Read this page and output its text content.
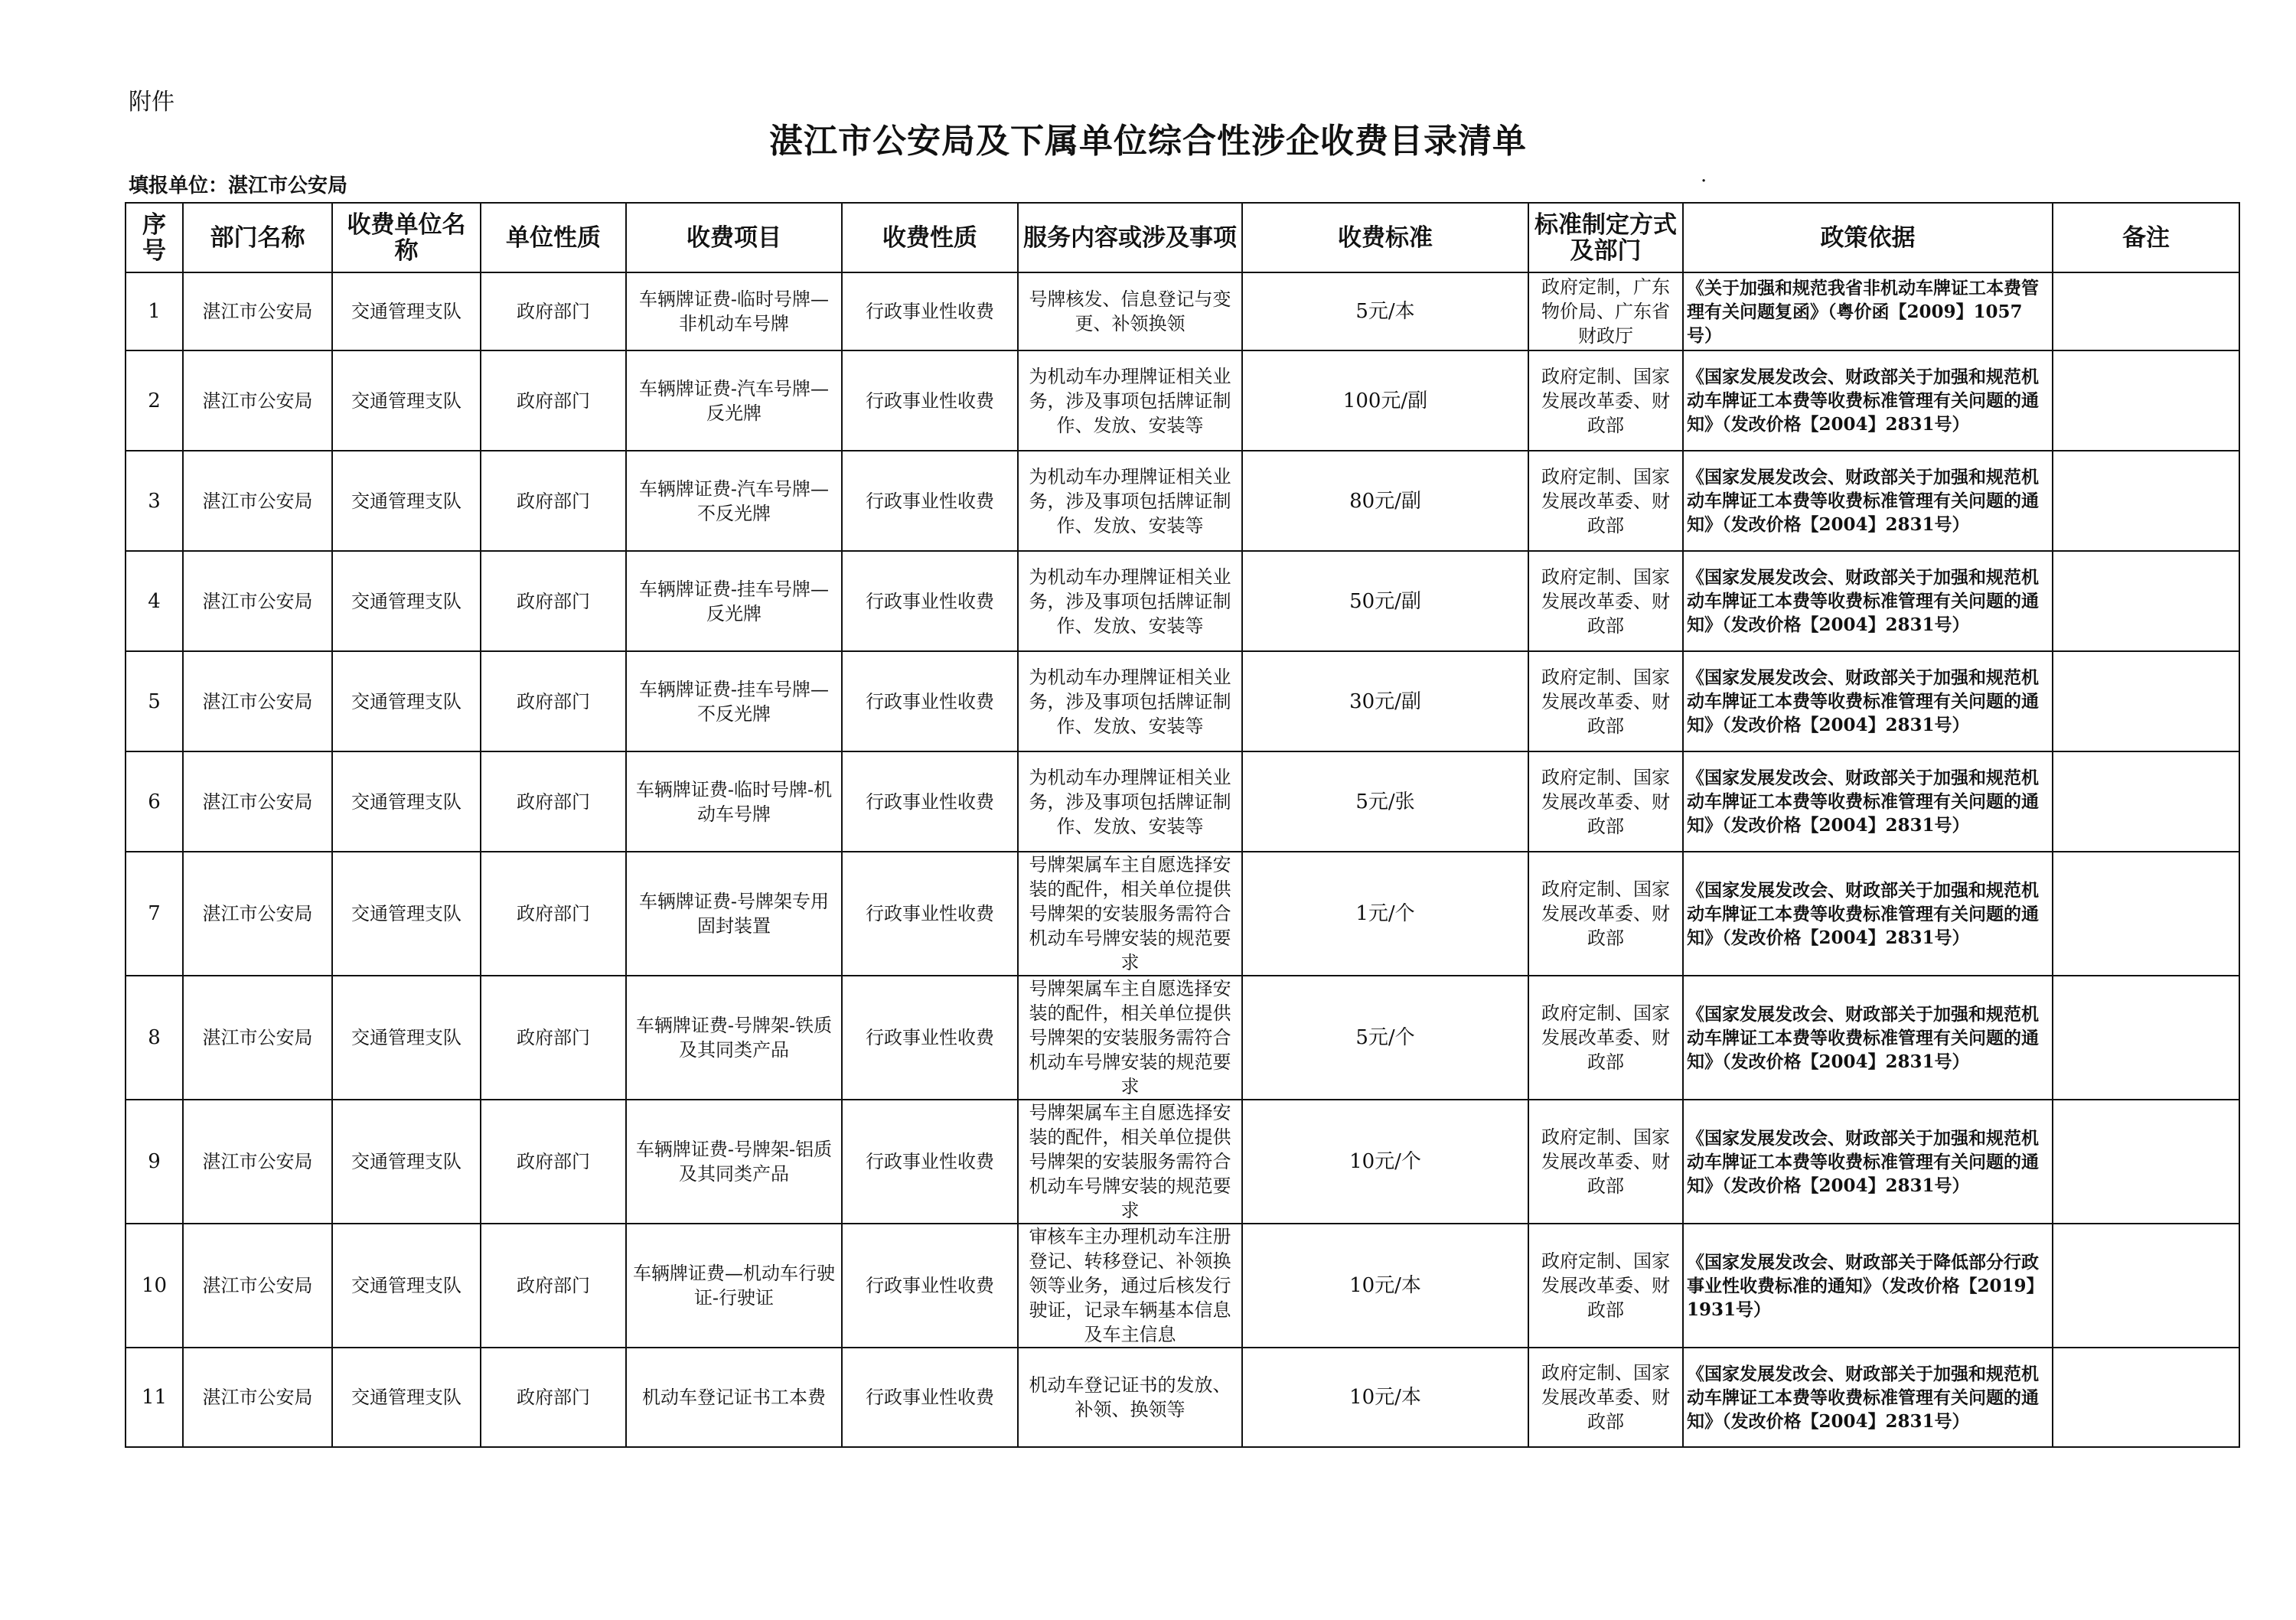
附件
湛江市公安局及下属单位综合性涉企收费目录清单
填报单位：湛江市公安局	·
序号	部门名称	收费单位名称	单位性质	收费项目	收费性质	服务内容或涉及事项	收费标准	标准制定方式及部门	政策依据	备注
1	湛江市公安局	交通管理支队	政府部门	车辆牌证费-临时号牌—非机动车号牌	行政事业性收费	号牌核发、信息登记与变更、补领换领	5元/本	政府定制，广东物价局、广东省财政厅	《关于加强和规范我省非机动车牌证工本费管理有关问题复函》（粤价函【2009】1057号）	
2	湛江市公安局	交通管理支队	政府部门	车辆牌证费-汽车号牌—反光牌	行政事业性收费	为机动车办理牌证相关业务，涉及事项包括牌证制作、发放、安装等	100元/副	政府定制、国家发展改革委、财政部	《国家发展发改会、财政部关于加强和规范机动车牌证工本费等收费标准管理有关问题的通知》（发改价格【2004】2831号）	
3	湛江市公安局	交通管理支队	政府部门	车辆牌证费-汽车号牌—不反光牌	行政事业性收费	为机动车办理牌证相关业务，涉及事项包括牌证制作、发放、安装等	80元/副	政府定制、国家发展改革委、财政部	《国家发展发改会、财政部关于加强和规范机动车牌证工本费等收费标准管理有关问题的通知》（发改价格【2004】2831号）	
4	湛江市公安局	交通管理支队	政府部门	车辆牌证费-挂车号牌—反光牌	行政事业性收费	为机动车办理牌证相关业务，涉及事项包括牌证制作、发放、安装等	50元/副	政府定制、国家发展改革委、财政部	《国家发展发改会、财政部关于加强和规范机动车牌证工本费等收费标准管理有关问题的通知》（发改价格【2004】2831号）	
5	湛江市公安局	交通管理支队	政府部门	车辆牌证费-挂车号牌—不反光牌	行政事业性收费	为机动车办理牌证相关业务，涉及事项包括牌证制作、发放、安装等	30元/副	政府定制、国家发展改革委、财政部	《国家发展发改会、财政部关于加强和规范机动车牌证工本费等收费标准管理有关问题的通知》（发改价格【2004】2831号）	
6	湛江市公安局	交通管理支队	政府部门	车辆牌证费-临时号牌-机动车号牌	行政事业性收费	为机动车办理牌证相关业务，涉及事项包括牌证制作、发放、安装等	5元/张	政府定制、国家发展改革委、财政部	《国家发展发改会、财政部关于加强和规范机动车牌证工本费等收费标准管理有关问题的通知》（发改价格【2004】2831号）	
7	湛江市公安局	交通管理支队	政府部门	车辆牌证费-号牌架专用固封装置	行政事业性收费	号牌架属车主自愿选择安装的配件，相关单位提供号牌架的安装服务需符合机动车号牌安装的规范要求	1元/个	政府定制、国家发展改革委、财政部	《国家发展发改会、财政部关于加强和规范机动车牌证工本费等收费标准管理有关问题的通知》（发改价格【2004】2831号）	
8	湛江市公安局	交通管理支队	政府部门	车辆牌证费-号牌架-铁质及其同类产品	行政事业性收费	号牌架属车主自愿选择安装的配件，相关单位提供号牌架的安装服务需符合机动车号牌安装的规范要求	5元/个	政府定制、国家发展改革委、财政部	《国家发展发改会、财政部关于加强和规范机动车牌证工本费等收费标准管理有关问题的通知》（发改价格【2004】2831号）	
9	湛江市公安局	交通管理支队	政府部门	车辆牌证费-号牌架-铝质及其同类产品	行政事业性收费	号牌架属车主自愿选择安装的配件，相关单位提供号牌架的安装服务需符合机动车号牌安装的规范要求	10元/个	政府定制、国家发展改革委、财政部	《国家发展发改会、财政部关于加强和规范机动车牌证工本费等收费标准管理有关问题的通知》（发改价格【2004】2831号）	
10	湛江市公安局	交通管理支队	政府部门	车辆牌证费—机动车行驶证-行驶证	行政事业性收费	审核车主办理机动车注册登记、转移登记、补领换领等业务，通过后核发行驶证，记录车辆基本信息及车主信息	10元/本	政府定制、国家发展改革委、财政部	《国家发展发改会、财政部关于降低部分行政事业性收费标准的通知》（发改价格【2019】1931号）	
11	湛江市公安局	交通管理支队	政府部门	机动车登记证书工本费	行政事业性收费	机动车登记证书的发放、补领、换领等	10元/本	政府定制、国家发展改革委、财政部	《国家发展发改会、财政部关于加强和规范机动车牌证工本费等收费标准管理有关问题的通知》（发改价格【2004】2831号）	
